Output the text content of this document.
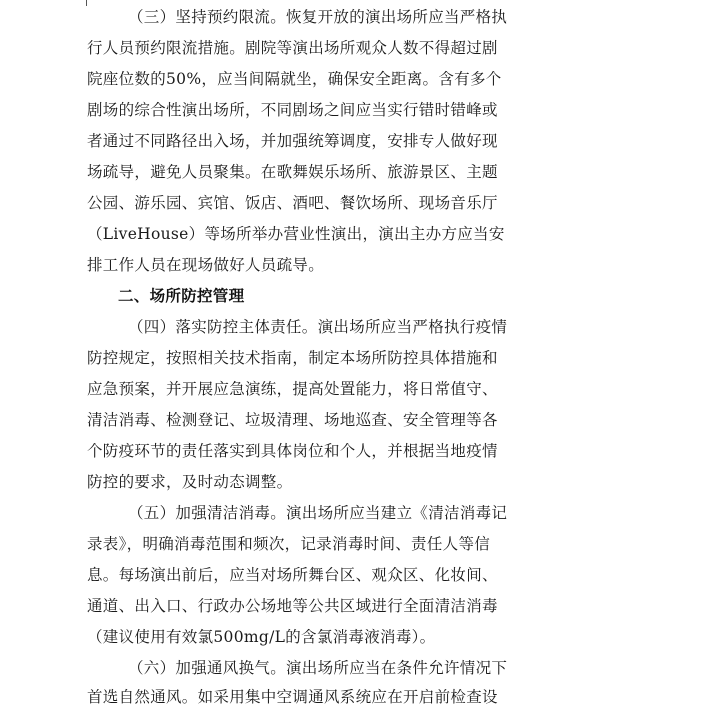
（三）坚持预约限流。恢复开放的演出场所应当严格执
行人员预约限流措施。剧院等演出场所观众人数不得超过剧
院座位数的50%，应当间隔就坐，确保安全距离。含有多个
剧场的综合性演出场所，不同剧场之间应当实行错时错峰或
者通过不同路径出入场，并加强统筹调度，安排专人做好现
场疏导，避免人员聚集。在歌舞娱乐场所、旅游景区、主题
公园、游乐园、宾馆、饭店、酒吧、餐饮场所、现场音乐厅
（LiveHouse）等场所举办营业性演出，演出主办方应当安
排工作人员在现场做好人员疏导。
二、场所防控管理
（四）落实防控主体责任。演出场所应当严格执行疫情
防控规定，按照相关技术指南，制定本场所防控具体措施和
应急预案，并开展应急演练，提高处置能力，将日常值守、
清洁消毒、检测登记、垃圾清理、场地巡查、安全管理等各
个防疫环节的责任落实到具体岗位和个人，并根据当地疫情
防控的要求，及时动态调整。
（五）加强清洁消毒。演出场所应当建立《清洁消毒记
录表》，明确消毒范围和频次，记录消毒时间、责任人等信
息。每场演出前后，应当对场所舞台区、观众区、化妆间、
通道、出入口、行政办公场地等公共区域进行全面清洁消毒
（建议使用有效氯500mg/L的含氯消毒液消毒）。
（六）加强通风换气。演出场所应当在条件允许情况下
首选自然通风。如采用集中空调通风系统应在开启前检查设
